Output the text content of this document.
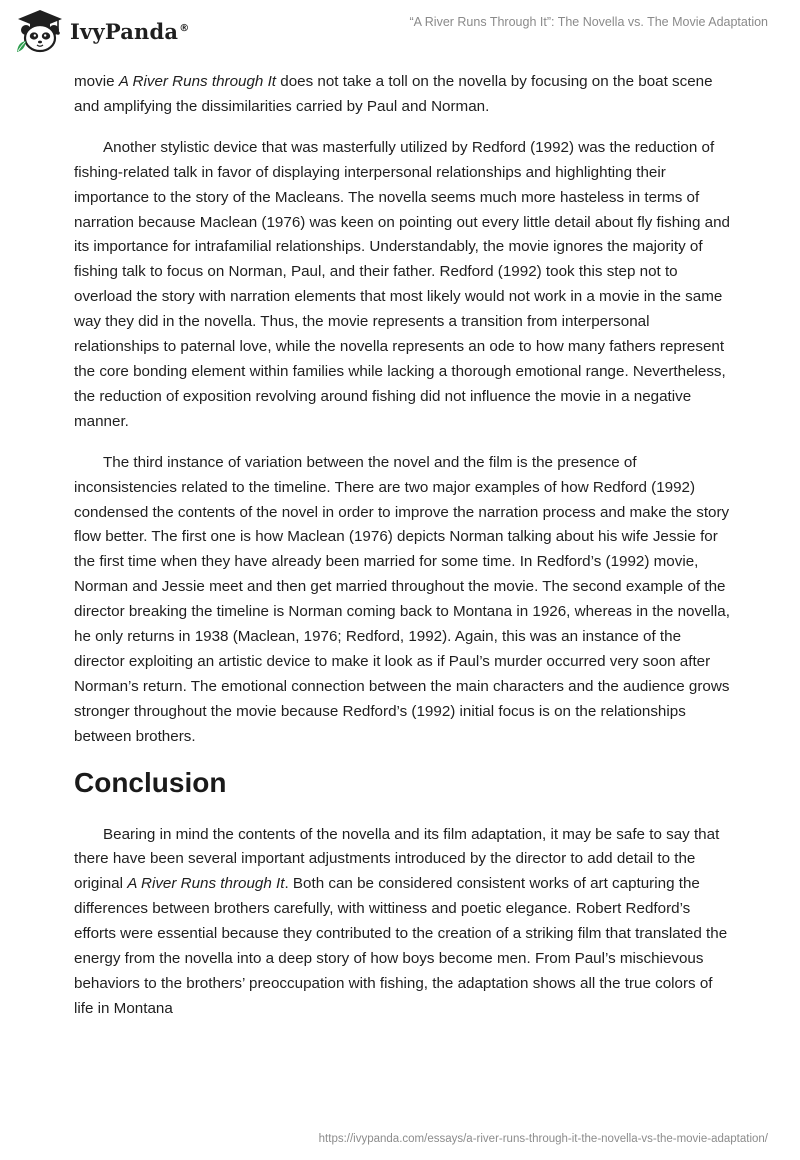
IvyPanda®	“A River Runs Through It”: The Novella vs. The Movie Adaptation

movie A River Runs through It does not take a toll on the novella by focusing on the boat scene and amplifying the dissimilarities carried by Paul and Norman.

Another stylistic device that was masterfully utilized by Redford (1992) was the reduction of fishing-related talk in favor of displaying interpersonal relationships and highlighting their importance to the story of the Macleans. The novella seems much more hasteless in terms of narration because Maclean (1976) was keen on pointing out every little detail about fly fishing and its importance for intrafamilial relationships. Understandably, the movie ignores the majority of fishing talk to focus on Norman, Paul, and their father. Redford (1992) took this step not to overload the story with narration elements that most likely would not work in a movie in the same way they did in the novella. Thus, the movie represents a transition from interpersonal relationships to paternal love, while the novella represents an ode to how many fathers represent the core bonding element within families while lacking a thorough emotional range. Nevertheless, the reduction of exposition revolving around fishing did not influence the movie in a negative manner.

The third instance of variation between the novel and the film is the presence of inconsistencies related to the timeline. There are two major examples of how Redford (1992) condensed the contents of the novel in order to improve the narration process and make the story flow better. The first one is how Maclean (1976) depicts Norman talking about his wife Jessie for the first time when they have already been married for some time. In Redford’s (1992) movie, Norman and Jessie meet and then get married throughout the movie. The second example of the director breaking the timeline is Norman coming back to Montana in 1926, whereas in the novella, he only returns in 1938 (Maclean, 1976; Redford, 1992). Again, this was an instance of the director exploiting an artistic device to make it look as if Paul’s murder occurred very soon after Norman’s return. The emotional connection between the main characters and the audience grows stronger throughout the movie because Redford’s (1992) initial focus is on the relationships between brothers.

Conclusion

Bearing in mind the contents of the novella and its film adaptation, it may be safe to say that there have been several important adjustments introduced by the director to add detail to the original A River Runs through It. Both can be considered consistent works of art capturing the differences between brothers carefully, with wittiness and poetic elegance. Robert Redford’s efforts were essential because they contributed to the creation of a striking film that translated the energy from the novella into a deep story of how boys become men. From Paul’s mischievous behaviors to the brothers’ preoccupation with fishing, the adaptation shows all the true colors of life in Montana

https://ivypanda.com/essays/a-river-runs-through-it-the-novella-vs-the-movie-adaptation/
